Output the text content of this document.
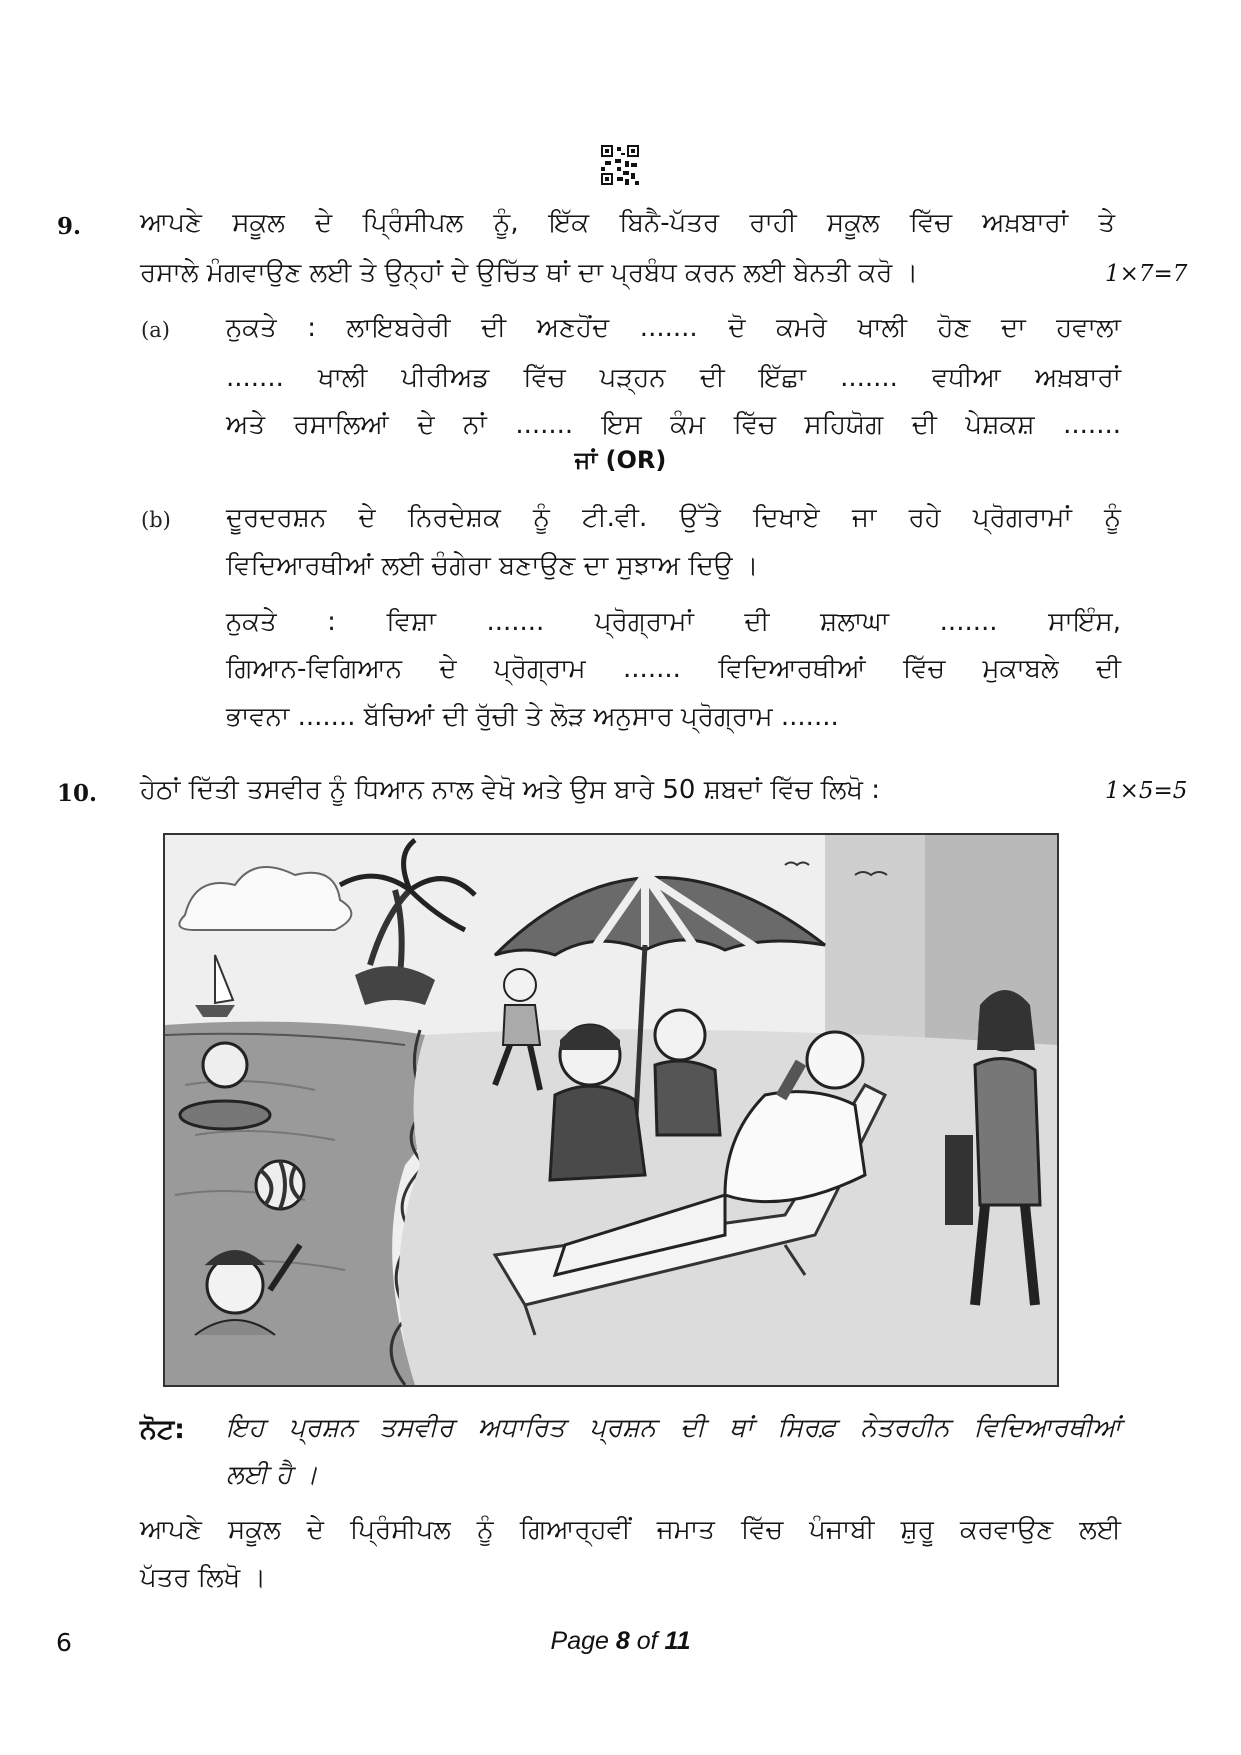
9. ਆਪਣੇ ਸਕੂਲ ਦੇ ਪ੍ਰਿੰਸੀਪਲ ਨੂੰ, ਇੱਕ ਬਿਨੈ-ਪੱਤਰ ਰਾਹੀ ਸਕੂਲ ਵਿੱਚ ਅਖ਼ਬਾਰਾਂ ਤੇ
ਰਸਾਲੇ ਮੰਗਵਾਉਣ ਲਈ ਤੇ ਉਨ੍ਹਾਂ ਦੇ ਉਚਿੱਤ ਥਾਂ ਦਾ ਪ੍ਰਬੰਧ ਕਰਨ ਲਈ ਬੇਨਤੀ ਕਰੋ ।	1×7=7
(a) ਨੁਕਤੇ : ਲਾਇਬਰੇਰੀ ਦੀ ਅਣਹੋਂਦ ....... ਦੋ ਕਮਰੇ ਖਾਲੀ ਹੋਣ ਦਾ ਹਵਾਲਾ
....... ਖਾਲੀ ਪੀਰੀਅਡ ਵਿੱਚ ਪੜ੍ਹਨ ਦੀ ਇੱਛਾ ....... ਵਧੀਆ ਅਖ਼ਬਾਰਾਂ
ਅਤੇ ਰਸਾਲਿਆਂ ਦੇ ਨਾਂ ....... ਇਸ ਕੰਮ ਵਿੱਚ ਸਹਿਯੋਗ ਦੀ ਪੇਸ਼ਕਸ਼ .......
ਜਾਂ (OR)
(b) ਦੂਰਦਰਸ਼ਨ ਦੇ ਨਿਰਦੇਸ਼ਕ ਨੂੰ ਟੀ.ਵੀ. ਉੱਤੇ ਦਿਖਾਏ ਜਾ ਰਹੇ ਪ੍ਰੋਗਰਾਮਾਂ ਨੂੰ
ਵਿਦਿਆਰਥੀਆਂ ਲਈ ਚੰਗੇਰਾ ਬਣਾਉਣ ਦਾ ਸੁਝਾਅ ਦਿਉ ।
ਨੁਕਤੇ : ਵਿਸ਼ਾ ....... ਪ੍ਰੋਗ੍ਰਾਮਾਂ ਦੀ ਸ਼ਲਾਘਾ ....... ਸਾਇੰਸ,
ਗਿਆਨ-ਵਿਗਿਆਨ ਦੇ ਪ੍ਰੋਗ੍ਰਾਮ ....... ਵਿਦਿਆਰਥੀਆਂ ਵਿੱਚ ਮੁਕਾਬਲੇ ਦੀ
ਭਾਵਨਾ ....... ਬੱਚਿਆਂ ਦੀ ਰੁੱਚੀ ਤੇ ਲੋੜ ਅਨੁਸਾਰ ਪ੍ਰੋਗ੍ਰਾਮ .......
10. ਹੇਠਾਂ ਦਿੱਤੀ ਤਸਵੀਰ ਨੂੰ ਧਿਆਨ ਨਾਲ ਵੇਖੋ ਅਤੇ ਉਸ ਬਾਰੇ 50 ਸ਼ਬਦਾਂ ਵਿੱਚ ਲਿਖੋ :	1×5=5
ਨੋਟ: ਇਹ ਪ੍ਰਸ਼ਨ ਤਸਵੀਰ ਅਧਾਰਿਤ ਪ੍ਰਸ਼ਨ ਦੀ ਥਾਂ ਸਿਰਫ਼ ਨੇਤਰਹੀਨ ਵਿਦਿਆਰਥੀਆਂ
ਲਈ ਹੈ ।
ਆਪਣੇ ਸਕੂਲ ਦੇ ਪ੍ਰਿੰਸੀਪਲ ਨੂੰ ਗਿਆਰ੍ਹਵੀਂ ਜਮਾਤ ਵਿੱਚ ਪੰਜਾਬੀ ਸ਼ੁਰੂ ਕਰਵਾਉਣ ਲਈ
ਪੱਤਰ ਲਿਖੋ ।
6	Page 8 of 11
